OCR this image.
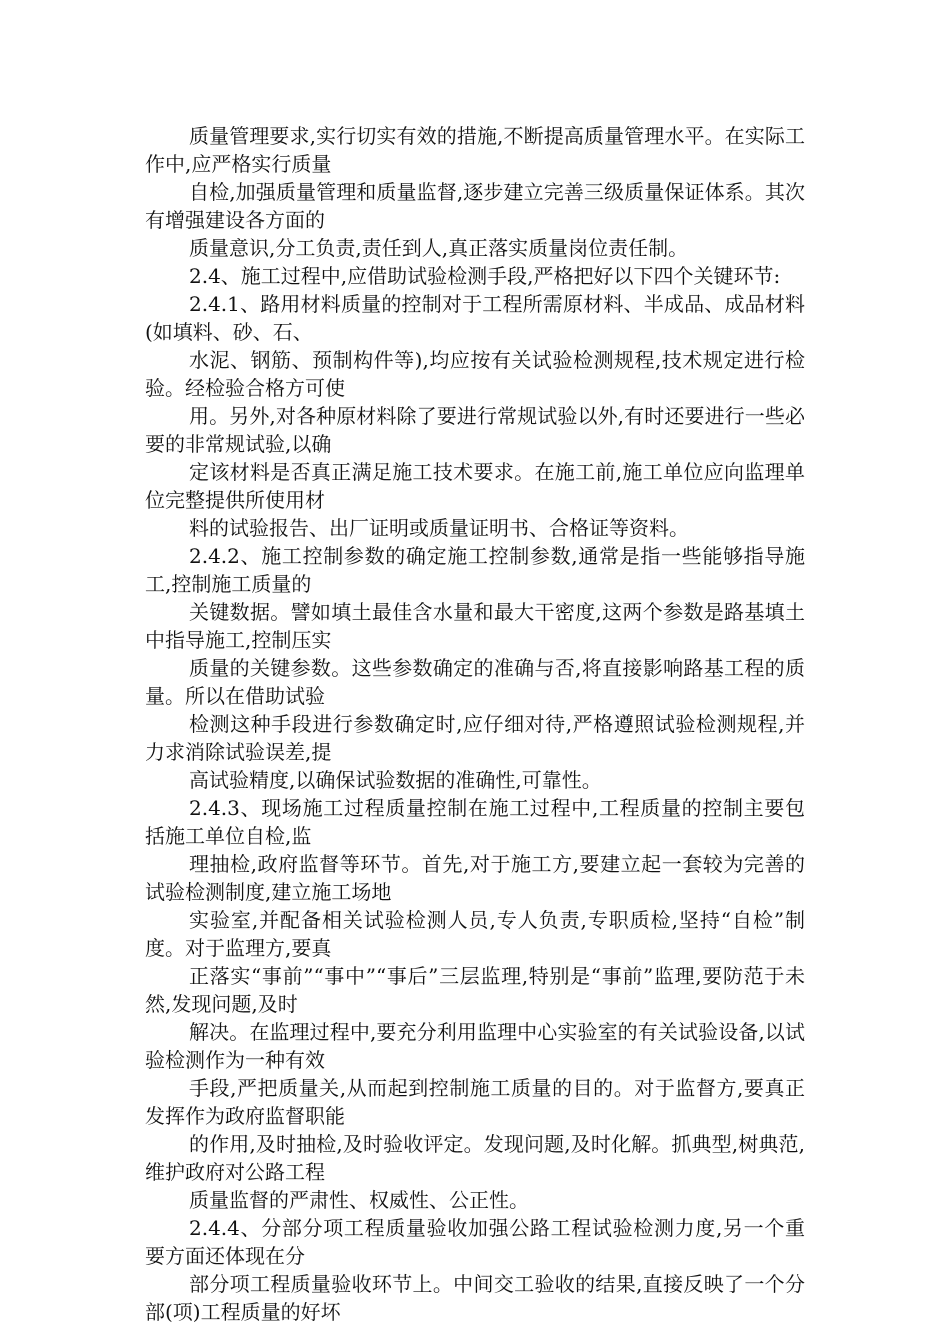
质量管理要求,实行切实有效的措施,不断提高质量管理水平。在实际工作中,应严格实行质量

自检,加强质量管理和质量监督,逐步建立完善三级质量保证体系。其次有增强建设各方面的

质量意识,分工负责,责任到人,真正落实质量岗位责任制。

2.4、施工过程中,应借助试验检测手段,严格把好以下四个关键环节:

2.4.1、路用材料质量的控制对于工程所需原材料、半成品、成品材料(如填料、砂、石、

水泥、钢筋、预制构件等),均应按有关试验检测规程,技术规定进行检验。经检验合格方可使

用。另外,对各种原材料除了要进行常规试验以外,有时还要进行一些必要的非常规试验,以确

定该材料是否真正满足施工技术要求。在施工前,施工单位应向监理单位完整提供所使用材

料的试验报告、出厂证明或质量证明书、合格证等资料。

2.4.2、施工控制参数的确定施工控制参数,通常是指一些能够指导施工,控制施工质量的

关键数据。譬如填土最佳含水量和最大干密度,这两个参数是路基填土中指导施工,控制压实

质量的关键参数。这些参数确定的准确与否,将直接影响路基工程的质量。所以在借助试验

检测这种手段进行参数确定时,应仔细对待,严格遵照试验检测规程,并力求消除试验误差,提

高试验精度,以确保试验数据的准确性,可靠性。

2.4.3、现场施工过程质量控制在施工过程中,工程质量的控制主要包括施工单位自检,监

理抽检,政府监督等环节。首先,对于施工方,要建立起一套较为完善的试验检测制度,建立施工场地

实验室,并配备相关试验检测人员,专人负责,专职质检,坚持“自检”制度。对于监理方,要真

正落实“事前”“事中”“事后”三层监理,特别是“事前”监理,要防范于未然,发现问题,及时

解决。在监理过程中,要充分利用监理中心实验室的有关试验设备,以试验检测作为一种有效

手段,严把质量关,从而起到控制施工质量的目的。对于监督方,要真正发挥作为政府监督职能

的作用,及时抽检,及时验收评定。发现问题,及时化解。抓典型,树典范,维护政府对公路工程

质量监督的严肃性、权威性、公正性。

2.4.4、分部分项工程质量验收加强公路工程试验检测力度,另一个重要方面还体现在分

部分项工程质量验收环节上。中间交工验收的结果,直接反映了一个分部(项)工程质量的好坏
